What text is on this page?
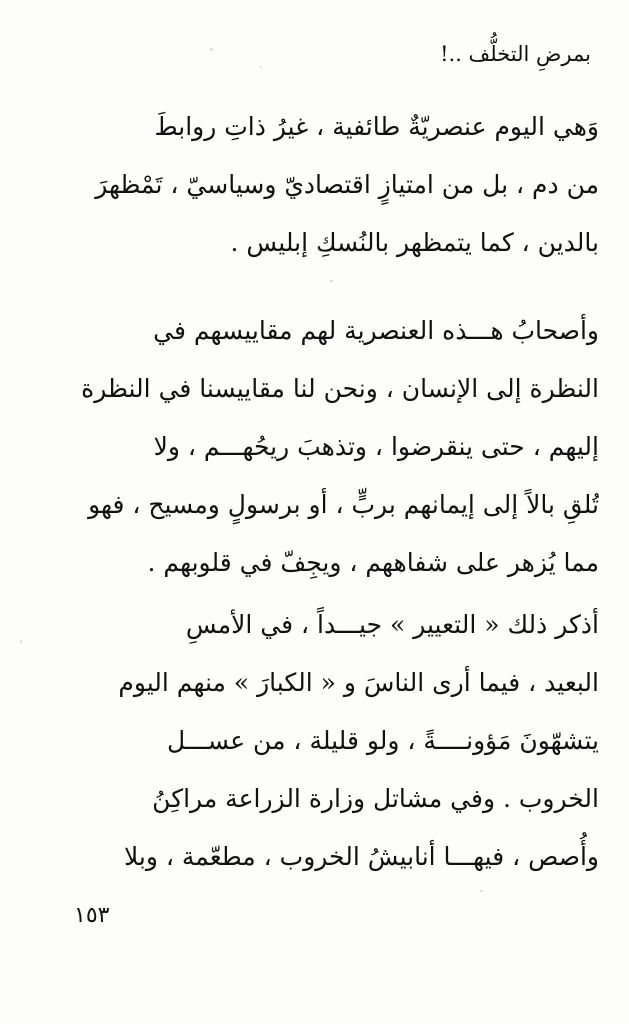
بمرضِ التخلُّف ..!

وَهي اليوم عنصريّةٌ طائفية ، غيرُ ذاتِ روابطَ
من دم ، بل من امتيازٍ اقتصاديّ وسياسيّ ، تَمْظهرَ
بالدين ، كما يتمظهر بالنُسكِ إبليس .

وأصحابُ هـــذه العنصرية لهم مقاييسهم في
النظرة إلى الإنسان ، ونحن لنا مقاييسنا في النظرة
إليهم ، حتى ينقرضوا ، وتذهبَ ريحُهـــم ، ولا
تُلقِ بالاً إلى إيمانهم بربٍّ ، أو برسولٍ ومسيح ، فهو
مما يُزهر على شفاههم ، ويجِفّ في قلوبهم .

أذكر ذلك « التعيير » جيـــداً ، في الأمسِ
البعيد ، فيما أرى الناسَ و « الكبارَ » منهم اليوم
يتشهّونَ مَؤونــــةً ، ولو قليلة ، من عســـل
الخروب . وفي مشاتل وزارة الزراعة مراكِنُ
وأُصص ، فيهـــا أنابيشُ الخروب ، مطعّمة ، وبلا

١٥٣
